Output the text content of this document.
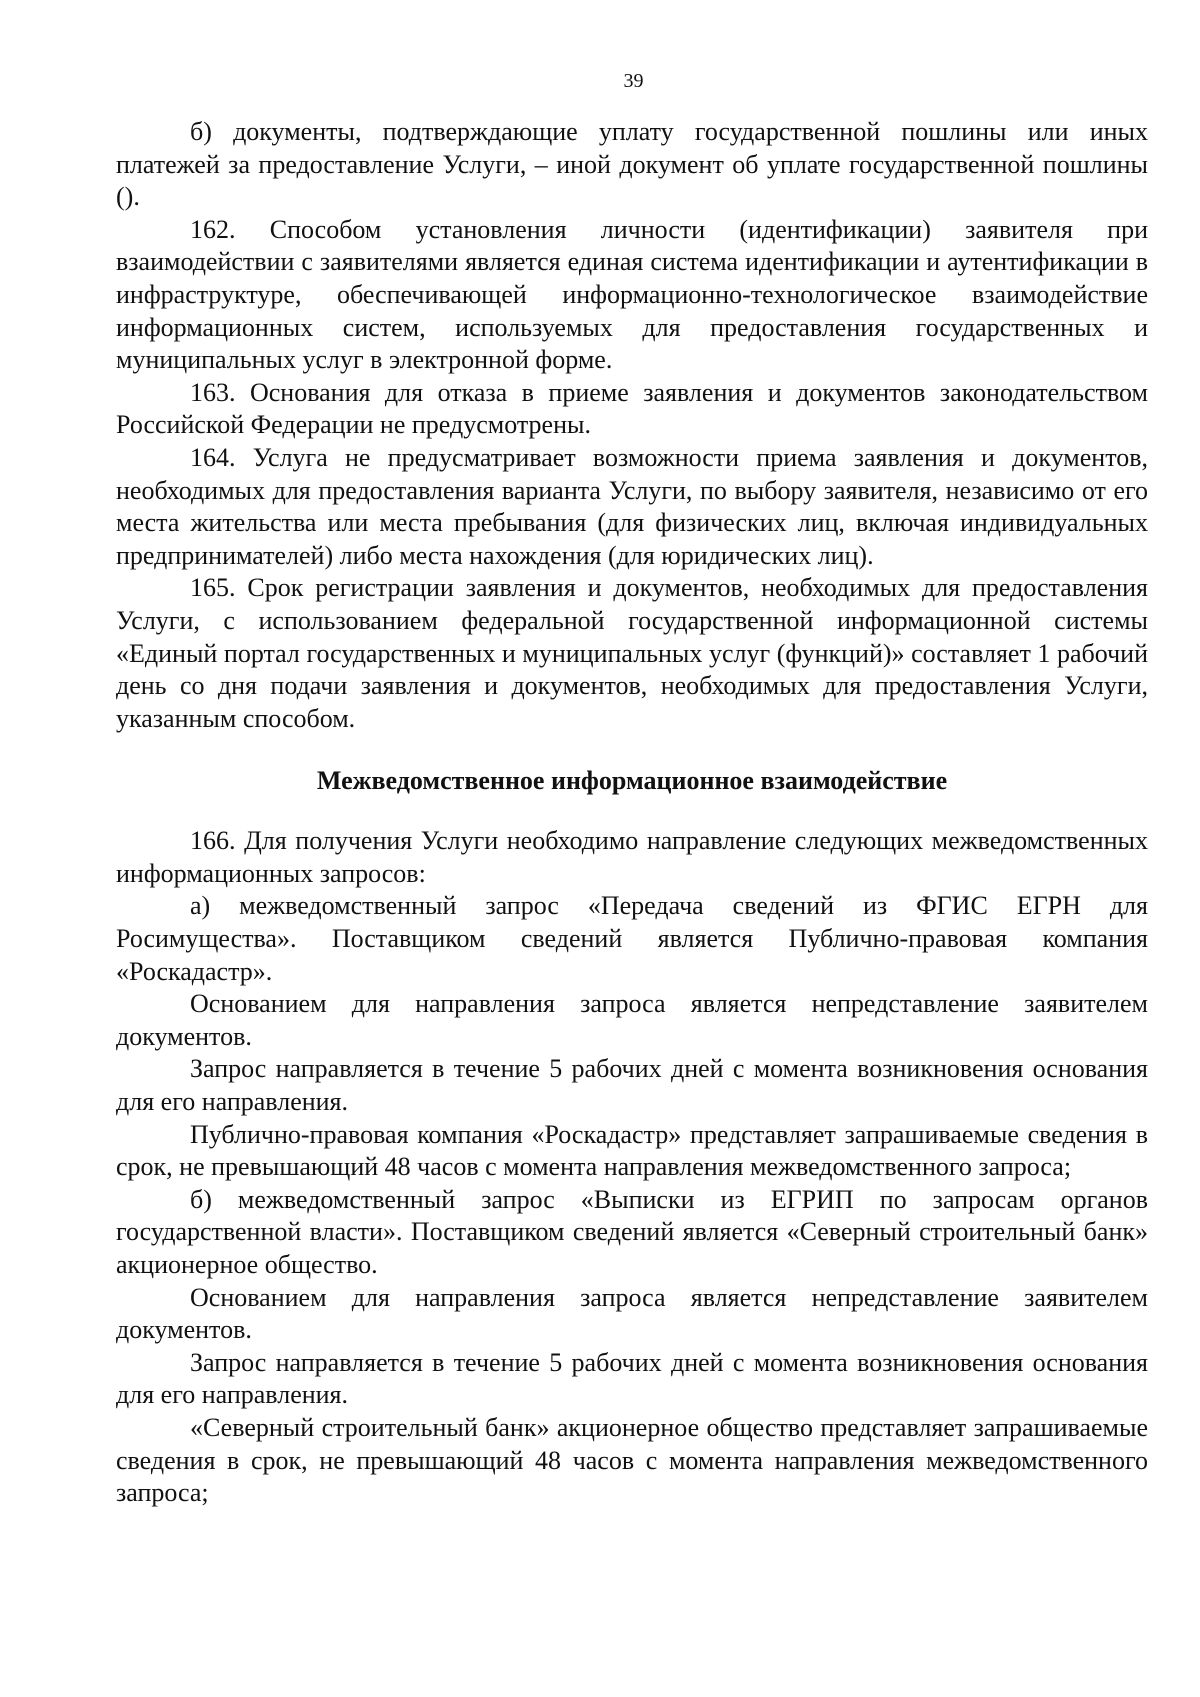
39

б) документы, подтверждающие уплату государственной пошлины или иных платежей за предоставление Услуги, – иной документ об уплате государственной пошлины ().

162. Способом установления личности (идентификации) заявителя при взаимодействии с заявителями является единая система идентификации и аутентификации в инфраструктуре, обеспечивающей информационно-технологическое взаимодействие информационных систем, используемых для предоставления государственных и муниципальных услуг в электронной форме.

163. Основания для отказа в приеме заявления и документов законодательством Российской Федерации не предусмотрены.

164. Услуга не предусматривает возможности приема заявления и документов, необходимых для предоставления варианта Услуги, по выбору заявителя, независимо от его места жительства или места пребывания (для физических лиц, включая индивидуальных предпринимателей) либо места нахождения (для юридических лиц).

165. Срок регистрации заявления и документов, необходимых для предоставления Услуги, с использованием федеральной государственной информационной системы «Единый портал государственных и муниципальных услуг (функций)» составляет 1 рабочий день со дня подачи заявления и документов, необходимых для предоставления Услуги, указанным способом.

Межведомственное информационное взаимодействие

166. Для получения Услуги необходимо направление следующих межведомственных информационных запросов:

а) межведомственный запрос «Передача сведений из ФГИС ЕГРН для Росимущества». Поставщиком сведений является Публично-правовая компания «Роскадастр».

Основанием для направления запроса является непредставление заявителем документов.

Запрос направляется в течение 5 рабочих дней с момента возникновения основания для его направления.

Публично-правовая компания «Роскадастр» представляет запрашиваемые сведения в срок, не превышающий 48 часов с момента направления межведомственного запроса;

б) межведомственный запрос «Выписки из ЕГРИП по запросам органов государственной власти». Поставщиком сведений является «Северный строительный банк» акционерное общество.

Основанием для направления запроса является непредставление заявителем документов.

Запрос направляется в течение 5 рабочих дней с момента возникновения основания для его направления.

«Северный строительный банк» акционерное общество представляет запрашиваемые сведения в срок, не превышающий 48 часов с момента направления межведомственного запроса;
